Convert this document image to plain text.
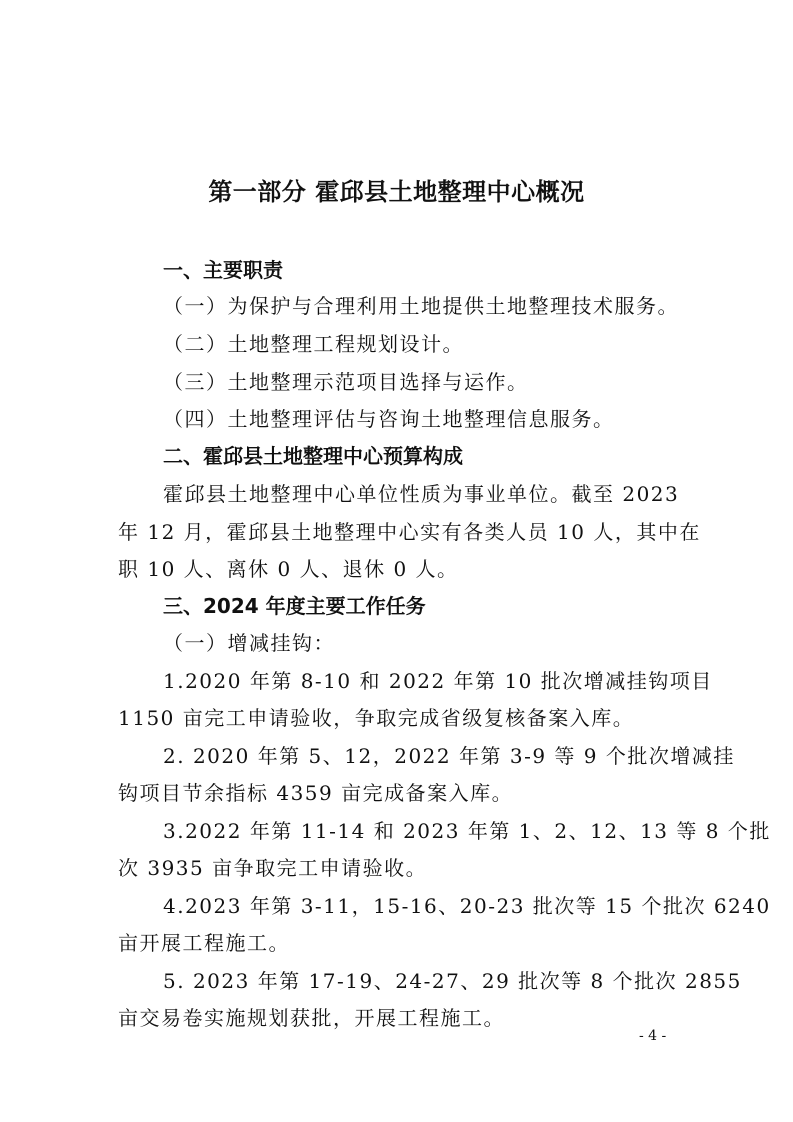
第一部分 霍邱县土地整理中心概况
一、主要职责
（一）为保护与合理利用土地提供土地整理技术服务。
（二）土地整理工程规划设计。
（三）土地整理示范项目选择与运作。
（四）土地整理评估与咨询土地整理信息服务。
二、霍邱县土地整理中心预算构成
霍邱县土地整理中心单位性质为事业单位。截至 2023
年 12 月，霍邱县土地整理中心实有各类人员 10 人，其中在
职 10 人、离休 0 人、退休 0 人。
三、2024 年度主要工作任务
（一）增减挂钩：
1.2020 年第 8-10 和 2022 年第 10 批次增减挂钩项目
1150 亩完工申请验收，争取完成省级复核备案入库。
2. 2020 年第 5、12，2022 年第 3-9 等 9 个批次增减挂
钩项目节余指标 4359 亩完成备案入库。
3.2022 年第 11-14 和 2023 年第 1、2、12、13 等 8 个批
次 3935 亩争取完工申请验收。
4.2023 年第 3-11，15-16、20-23 批次等 15 个批次 6240
亩开展工程施工。
5. 2023 年第 17-19、24-27、29 批次等 8 个批次 2855
亩交易卷实施规划获批，开展工程施工。
- 4 -
